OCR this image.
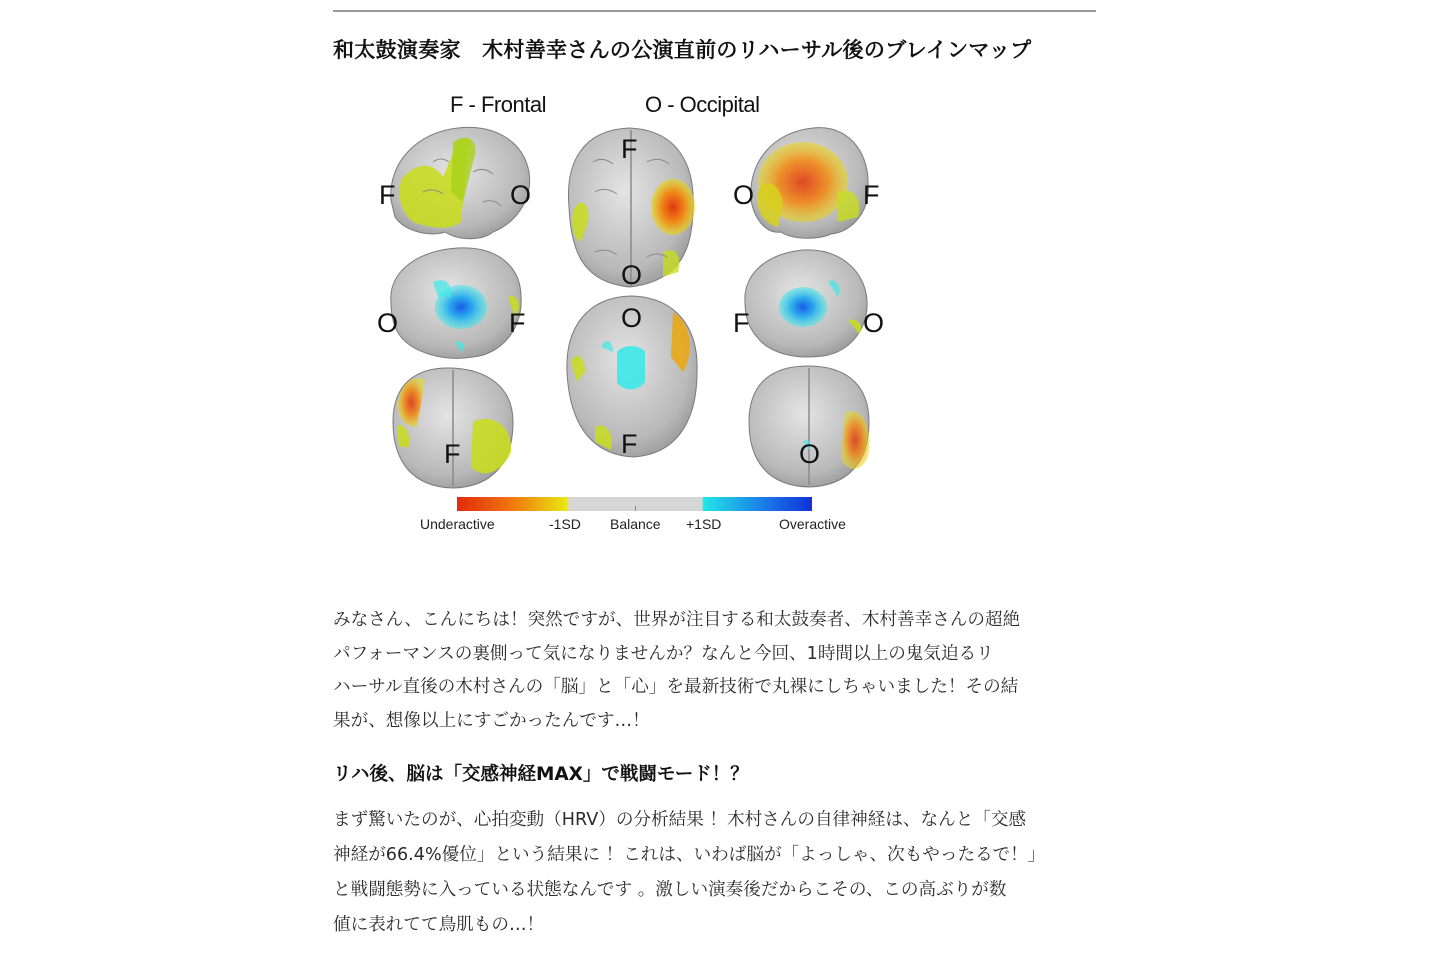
和太鼓演奏家　木村善幸さんの公演直前のリハーサル後のブレインマップ
F - Frontal	O - Occipital
F	O
F
O
O	F
O	F	O
F
F	O
F	O
Underactive	-1SD Balance +1SD	Overactive

みなさん、こんにちは！突然ですが、世界が注目する和太鼓奏者、木村善幸さんの超絶
パフォーマンスの裏側って気になりませんか？なんと今回、1時間以上の鬼気迫るリ
ハーサル直後の木村さんの「脳」と「心」を最新技術で丸裸にしちゃいました！その結
果が、想像以上にすごかったんです…！

リハ後、脳は「交感神経MAX」で戦闘モード！？

まず驚いたのが、心拍変動（HRV）の分析結果 ！木村さんの自律神経は、なんと「交感
神経が66.4%優位」という結果に ！これは、いわば脳が「よっしゃ、次もやったるで！」
と戦闘態勢に入っている状態なんです 。激しい演奏後だからこその、この高ぶりが数
値に表れてて鳥肌もの…！
